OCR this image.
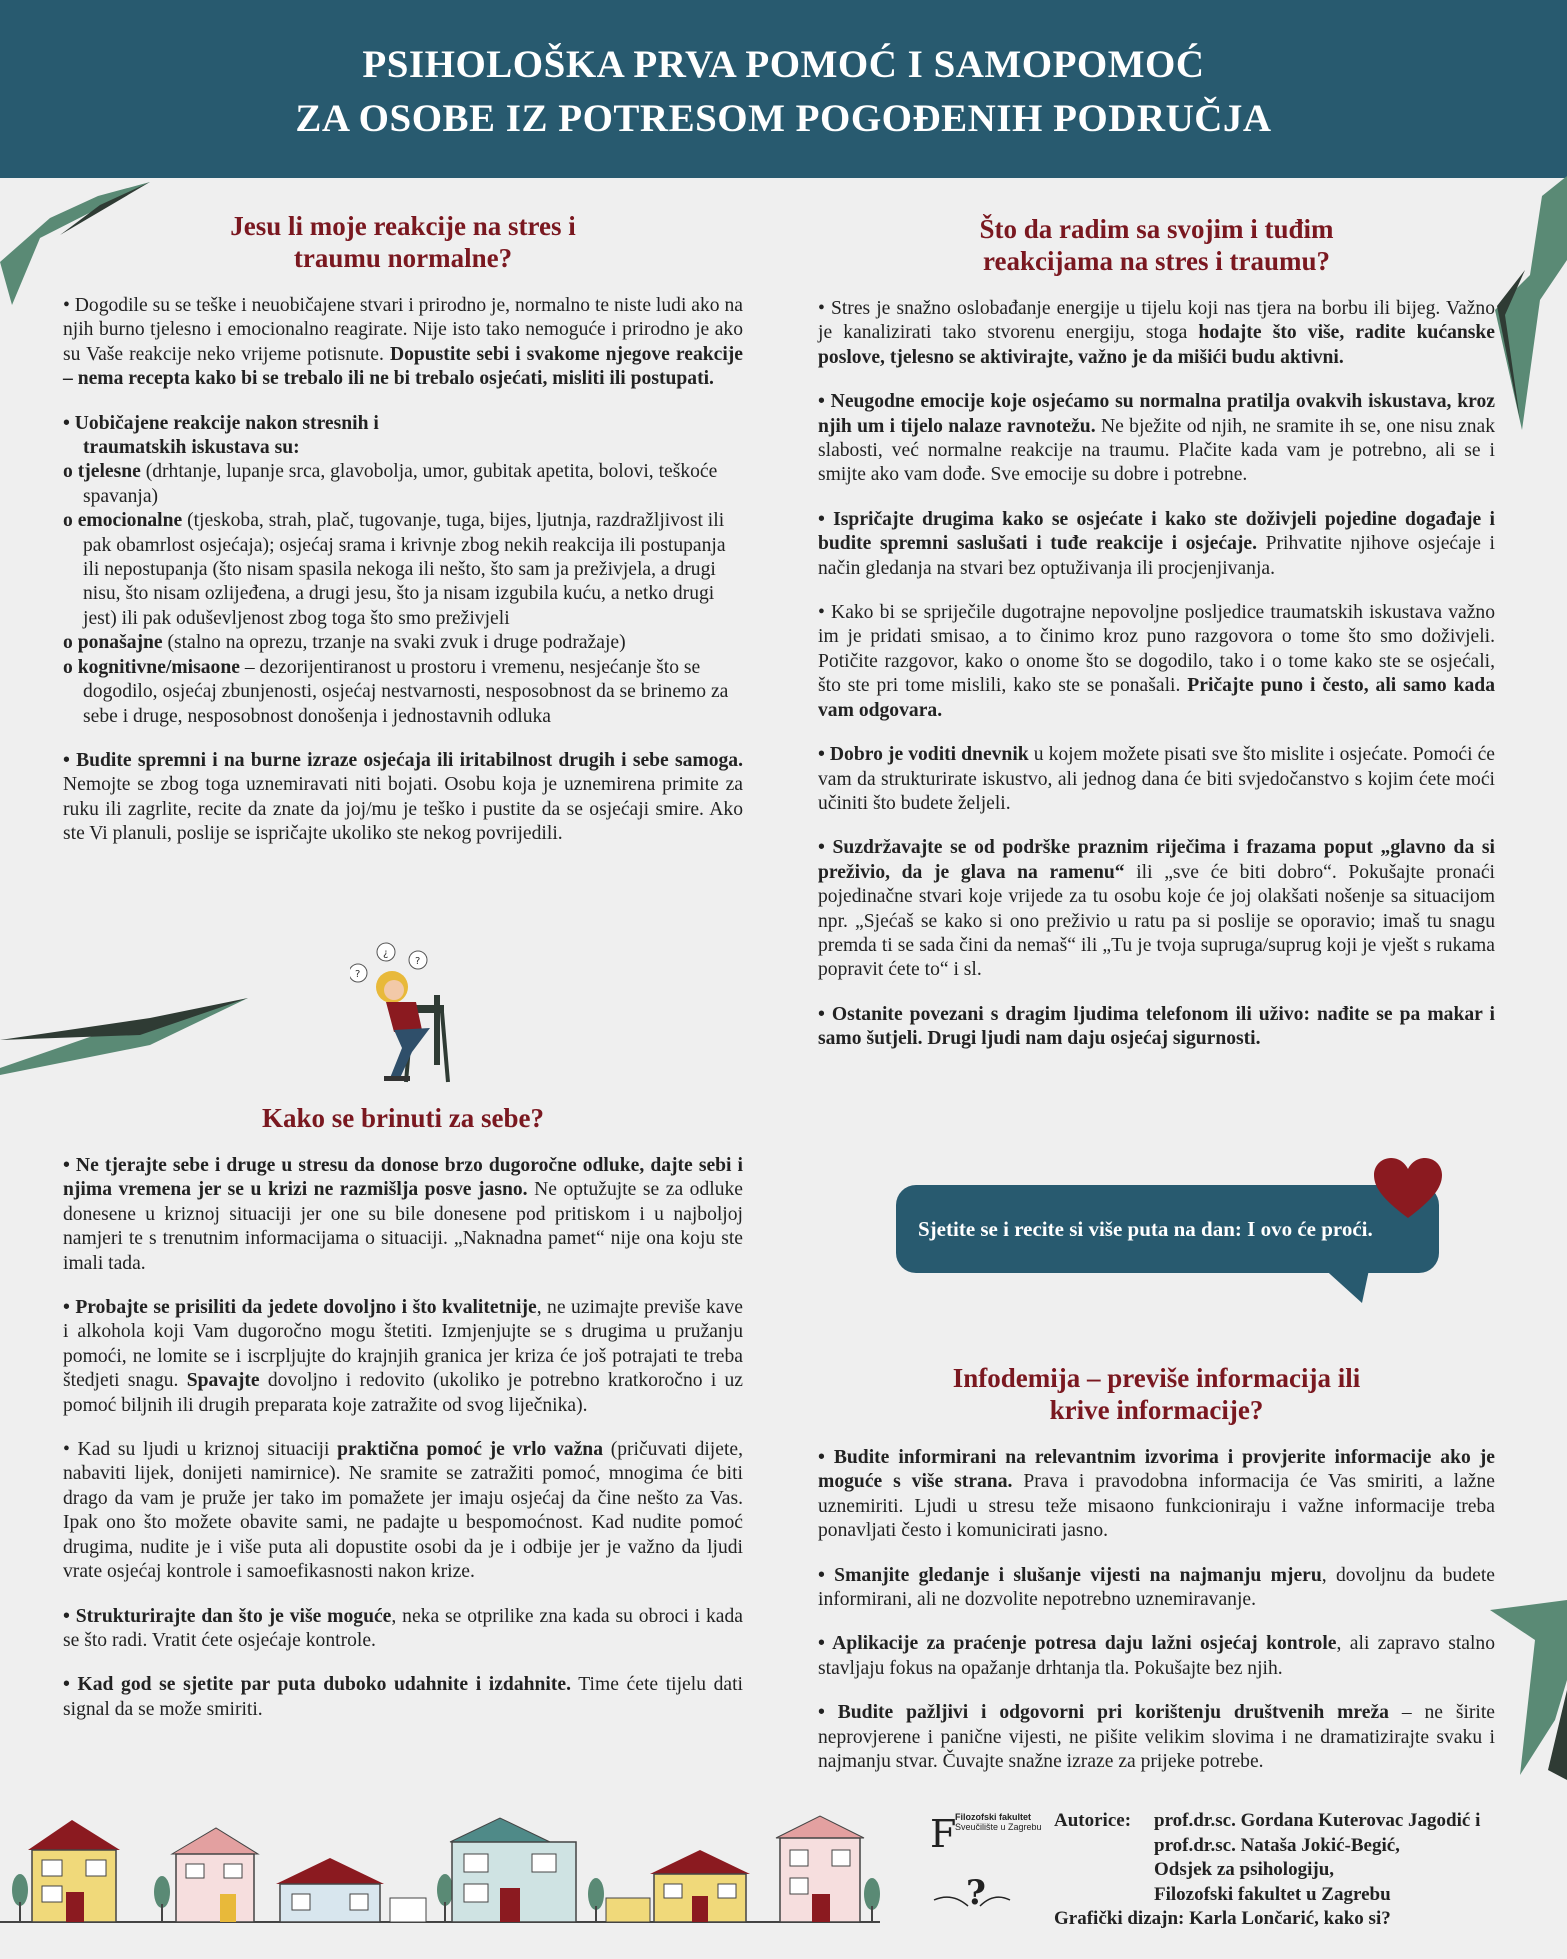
PSIHOLOŠKA PRVA POMOĆ I SAMOPOMOĆ
ZA OSOBE IZ POTRESOM POGOĐENIH PODRUČJA
Jesu li moje reakcije na stres i
traumu normalne?

• Dogodile su se teške i neuobičajene stvari i prirodno je, normalno te niste ludi ako na njih burno tjelesno i emocionalno reagirate. Nije isto tako nemoguće i prirodno je ako su Vaše reakcije neko vrijeme potisnute. Dopustite sebi i svakome njegove reakcije – nema recepta kako bi se trebalo ili ne bi trebalo osjećati, misliti ili postupati.

• Uobičajene reakcije nakon stresnih i
traumatskih iskustava su:

o tjelesne (drhtanje, lupanje srca, glavobolja, umor, gubitak apetita, bolovi, teškoće spavanja)

o emocionalne (tjeskoba, strah, plač, tugovanje, tuga, bijes, ljutnja, razdražljivost ili pak obamrlost osjećaja); osjećaj srama i krivnje zbog nekih reakcija ili postupanja ili nepostupanja (što nisam spasila nekoga ili nešto, što sam ja preživjela, a drugi nisu, što nisam ozlijeđena, a drugi jesu, što ja nisam izgubila kuću, a netko drugi jest) ili pak oduševljenost zbog toga što smo preživjeli

o ponašajne (stalno na oprezu, trzanje na svaki zvuk i druge podražaje)

o kognitivne/misaone – dezorijentiranost u prostoru i vremenu, nesjećanje što se dogodilo, osjećaj zbunjenosti, osjećaj nestvarnosti, nesposobnost da se brinemo za sebe i druge, nesposobnost donošenja i jednostavnih odluka

• Budite spremni i na burne izraze osjećaja ili iritabilnost drugih i sebe samoga. Nemojte se zbog toga uznemiravati niti bojati. Osobu koja je uznemirena primite za ruku ili zagrlite, recite da znate da joj/mu je teško i pustite da se osjećaji smire. Ako ste Vi planuli, poslije se ispričajte ukoliko ste nekog povrijedili.

?
¿
?
Kako se brinuti za sebe?

• Ne tjerajte sebe i druge u stresu da donose brzo dugoročne odluke, dajte sebi i njima vremena jer se u krizi ne razmišlja posve jasno. Ne optužujte se za odluke donesene u kriznoj situaciji jer one su bile donesene pod pritiskom i u najboljoj namjeri te s trenutnim informacijama o situaciji. „Naknadna pamet“ nije ona koju ste imali tada.

• Probajte se prisiliti da jedete dovoljno i što kvalitetnije, ne uzimajte previše kave i alkohola koji Vam dugoročno mogu štetiti. Izmjenjujte se s drugima u pružanju pomoći, ne lomite se i iscrpljujte do krajnjih granica jer kriza će još potrajati te treba štedjeti snagu. Spavajte dovoljno i redovito (ukoliko je potrebno kratkoročno i uz pomoć biljnih ili drugih preparata koje zatražite od svog liječnika).

• Kad su ljudi u kriznoj situaciji praktična pomoć je vrlo važna (pričuvati dijete, nabaviti lijek, donijeti namirnice). Ne sramite se zatražiti pomoć, mnogima će biti drago da vam je pruže jer tako im pomažete jer imaju osjećaj da čine nešto za Vas. Ipak ono što možete obavite sami, ne padajte u bespomoćnost. Kad nudite pomoć drugima, nudite je i više puta ali dopustite osobi da je i odbije jer je važno da ljudi vrate osjećaj kontrole i samoefikasnosti nakon krize.

• Strukturirajte dan što je više moguće, neka se otprilike zna kada su obroci i kada se što radi. Vratit ćete osjećaje kontrole.

• Kad god se sjetite par puta duboko udahnite i izdahnite. Time ćete tijelu dati signal da se može smiriti.

Što da radim sa svojim i tuđim
reakcijama na stres i traumu?

• Stres je snažno oslobađanje energije u tijelu koji nas tjera na borbu ili bijeg. Važno je kanalizirati tako stvorenu energiju, stoga hodajte što više, radite kućanske poslove, tjelesno se aktivirajte, važno je da mišići budu aktivni.

• Neugodne emocije koje osjećamo su normalna pratilja ovakvih iskustava, kroz njih um i tijelo nalaze ravnotežu. Ne bježite od njih, ne sramite ih se, one nisu znak slabosti, već normalne reakcije na traumu. Plačite kada vam je potrebno, ali se i smijte ako vam dođe. Sve emocije su dobre i potrebne.

• Ispričajte drugima kako se osjećate i kako ste doživjeli pojedine događaje i budite spremni saslušati i tuđe reakcije i osjećaje. Prihvatite njihove osjećaje i način gledanja na stvari bez optuživanja ili procjenjivanja.

• Kako bi se spriječile dugotrajne nepovoljne posljedice traumatskih iskustava važno im je pridati smisao, a to činimo kroz puno razgovora o tome što smo doživjeli. Potičite razgovor, kako o onome što se dogodilo, tako i o tome kako ste se osjećali, što ste pri tome mislili, kako ste se ponašali. Pričajte puno i često, ali samo kada vam odgovara.

• Dobro je voditi dnevnik u kojem možete pisati sve što mislite i osjećate. Pomoći će vam da strukturirate iskustvo, ali jednog dana će biti svjedočanstvo s kojim ćete moći učiniti što budete željeli.

• Suzdržavajte se od podrške praznim riječima i frazama poput „glavno da si preživio, da je glava na ramenu“ ili „sve će biti dobro“. Pokušajte pronaći pojedinačne stvari koje vrijede za tu osobu koje će joj olakšati nošenje sa situacijom npr. „Sjećaš se kako si ono preživio u ratu pa si poslije se oporavio; imaš tu snagu premda ti se sada čini da nemaš“ ili „Tu je tvoja supruga/suprug koji je vješt s rukama popravit ćete to“ i sl.

• Ostanite povezani s dragim ljudima telefonom ili uživo: nađite se pa makar i samo šutjeli. Drugi ljudi nam daju osjećaj sigurnosti.

Sjetite se i recite si više puta na dan: I ovo će proći.
Infodemija – previše informacija ili
krive informacije?

• Budite informirani na relevantnim izvorima i provjerite informacije ako je moguće s više strana. Prava i pravodobna informacija će Vas smiriti, a lažne uznemiriti. Ljudi u stresu teže misaono funkcioniraju i važne informacije treba ponavljati često i komunicirati jasno.

• Smanjite gledanje i slušanje vijesti na najmanju mjeru, dovoljnu da budete informirani, ali ne dozvolite nepotrebno uznemiravanje.

• Aplikacije za praćenje potresa daju lažni osjećaj kontrole, ali zapravo stalno stavljaju fokus na opažanje drhtanja tla. Pokušajte bez njih.

• Budite pažljivi i odgovorni pri korištenju društvenih mreža – ne širite neprovjerene i panične vijesti, ne pišite velikim slovima i ne dramatizirajte svaku i najmanju stvar. Čuvajte snažne izraze za prijeke potrebe.

F
Filozofski fakultet
Sveučilište u Zagrebu
?
Autorice: prof.dr.sc. Gordana Kuterovac Jagodić i
prof.dr.sc. Nataša Jokić-Begić,
Odsjek za psihologiju,
Filozofski fakultet u Zagrebu
Grafički dizajn: Karla Lončarić, kako si?
